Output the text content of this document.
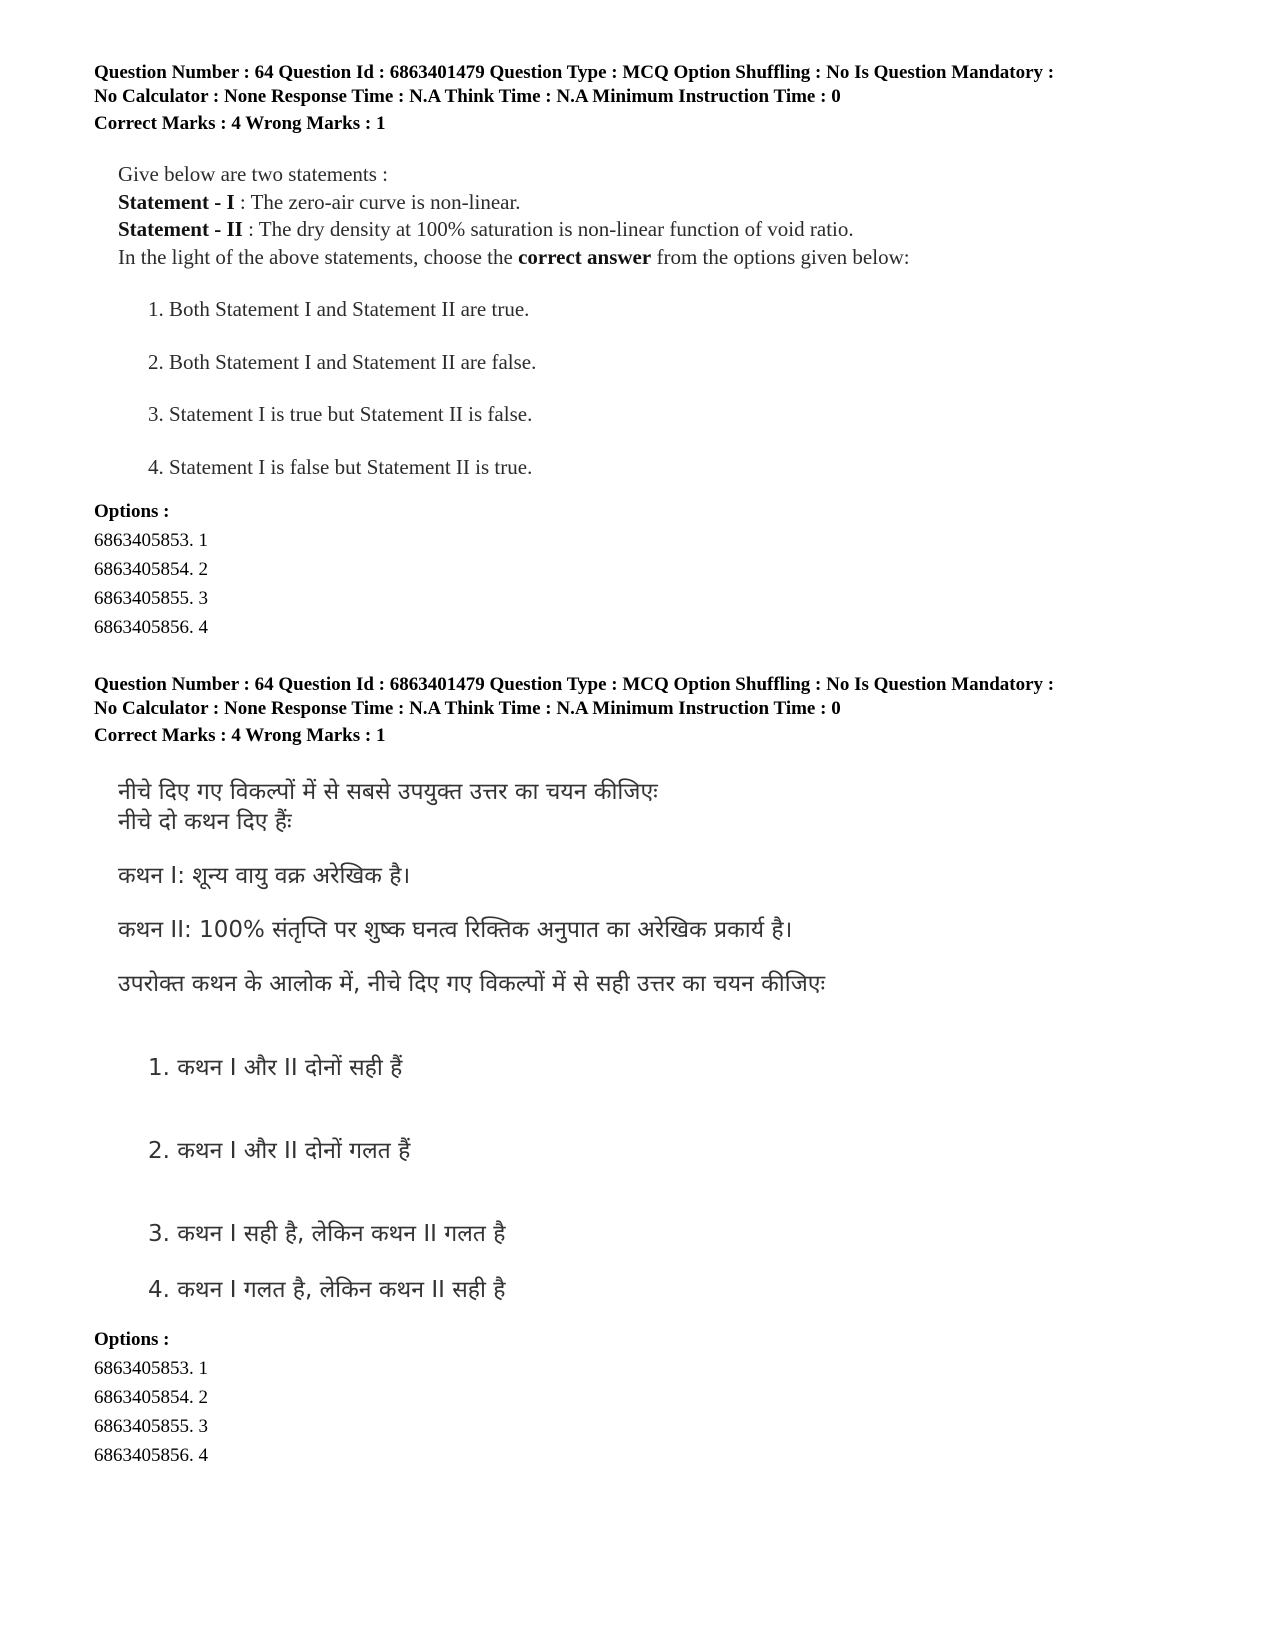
Question Number : 64 Question Id : 6863401479 Question Type : MCQ Option Shuffling : No Is Question Mandatory :
No Calculator : None Response Time : N.A Think Time : N.A Minimum Instruction Time : 0
Correct Marks : 4 Wrong Marks : 1
Give below are two statements :
Statement - I : The zero-air curve is non-linear.
Statement - II : The dry density at 100% saturation is non-linear function of void ratio.
In the light of the above statements, choose the correct answer from the options given below:
1. Both Statement I and Statement II are true.
2. Both Statement I and Statement II are false.
3. Statement I is true but Statement II is false.
4. Statement I is false but Statement II is true.
Options :
6863405853. 1
6863405854. 2
6863405855. 3
6863405856. 4
Question Number : 64 Question Id : 6863401479 Question Type : MCQ Option Shuffling : No Is Question Mandatory :
No Calculator : None Response Time : N.A Think Time : N.A Minimum Instruction Time : 0
Correct Marks : 4 Wrong Marks : 1
नीचे दिए गए विकल्पों में से सबसे उपयुक्त उत्तर का चयन कीजिएः
नीचे दो कथन दिए हैंः
कथन I: शून्य वायु वक्र अरेखिक है।
कथन II: 100% संतृप्ति पर शुष्क घनत्व रिक्तिक अनुपात का अरेखिक प्रकार्य है।
उपरोक्त कथन के आलोक में, नीचे दिए गए विकल्पों में से सही उत्तर का चयन कीजिएः
1. कथन I और II दोनों सही हैं
2. कथन I और II दोनों गलत हैं
3. कथन I सही है, लेकिन कथन II गलत है
4. कथन I गलत है, लेकिन कथन II सही है
Options :
6863405853. 1
6863405854. 2
6863405855. 3
6863405856. 4
